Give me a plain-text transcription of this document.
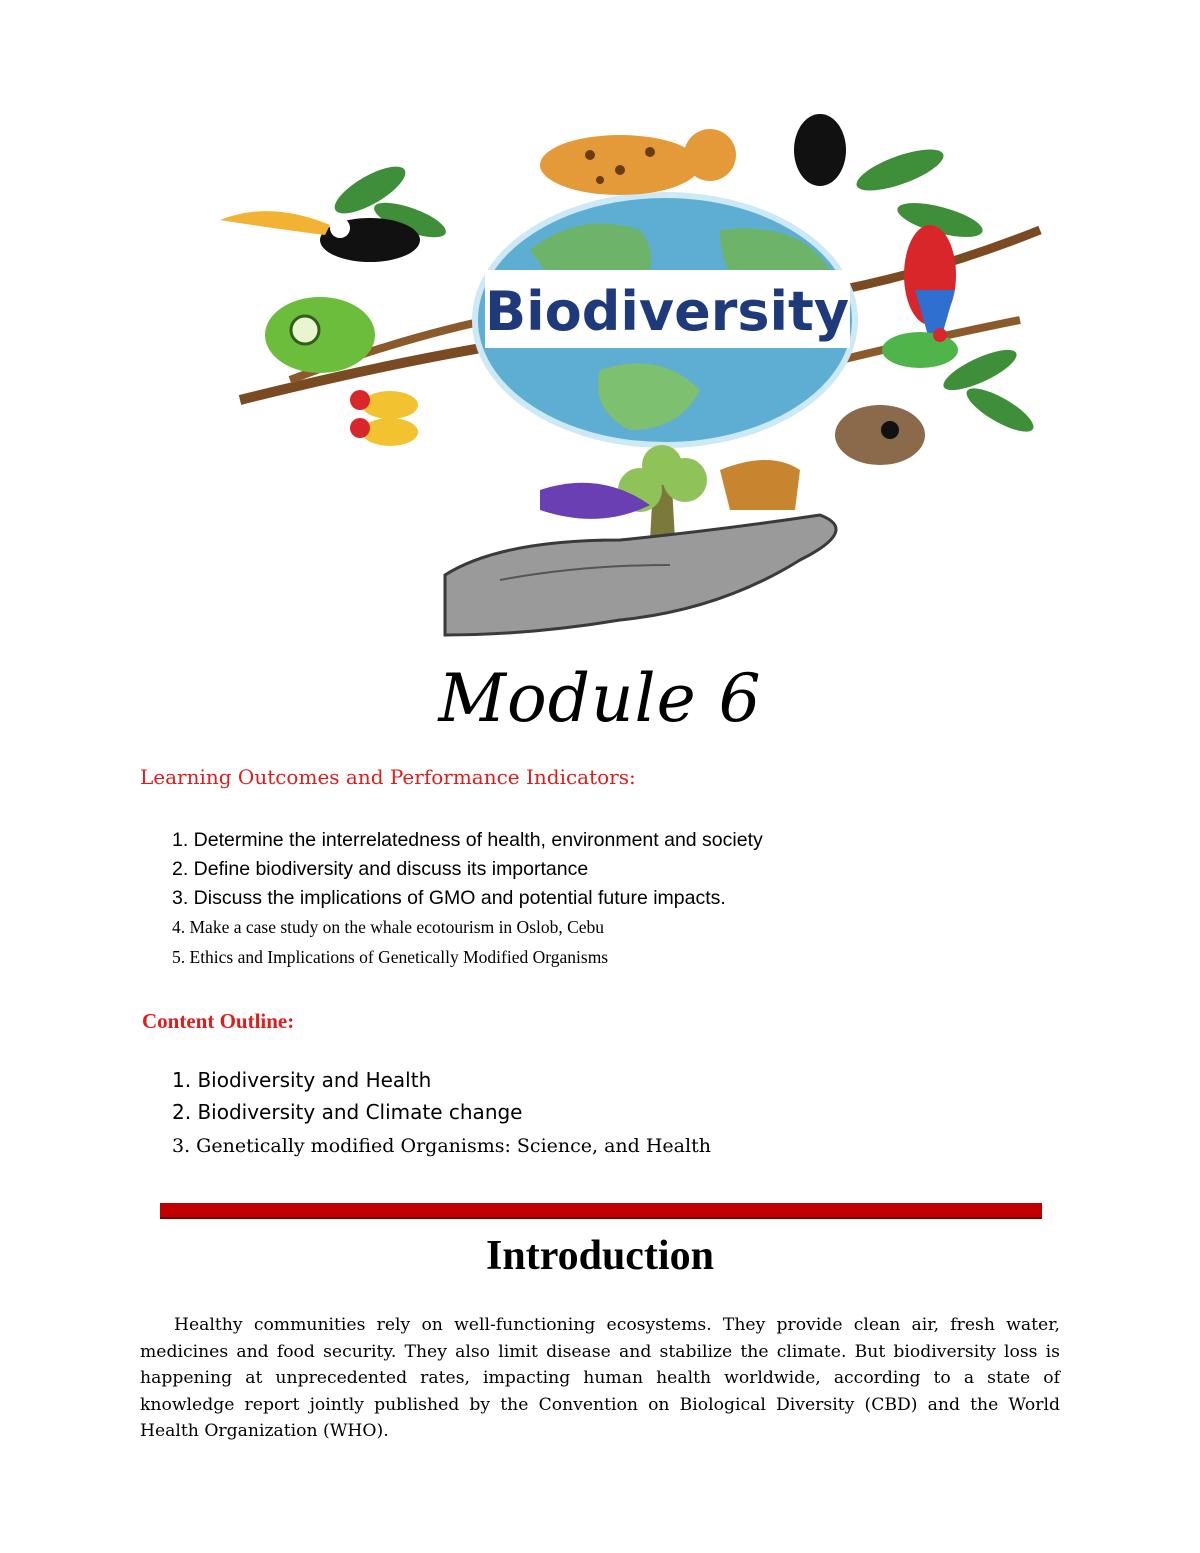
Biodiversity
Module 6
Learning Outcomes and Performance Indicators:
1. Determine the interrelatedness of health, environment and society
2. Define biodiversity and discuss its importance
3. Discuss the implications of GMO and potential future impacts.
4. Make a case study on the whale ecotourism in Oslob, Cebu
5. Ethics and Implications of Genetically Modified Organisms
Content Outline:
1. Biodiversity and Health
2. Biodiversity and Climate change
3. Genetically modified Organisms: Science, and Health
Introduction

Healthy communities rely on well-functioning ecosystems. They provide clean air, fresh water, medicines and food security. They also limit disease and stabilize the climate. But biodiversity loss is happening at unprecedented rates, impacting human health worldwide, according to a state of knowledge report jointly published by the Convention on Biological Diversity (CBD) and the World Health Organization (WHO).
